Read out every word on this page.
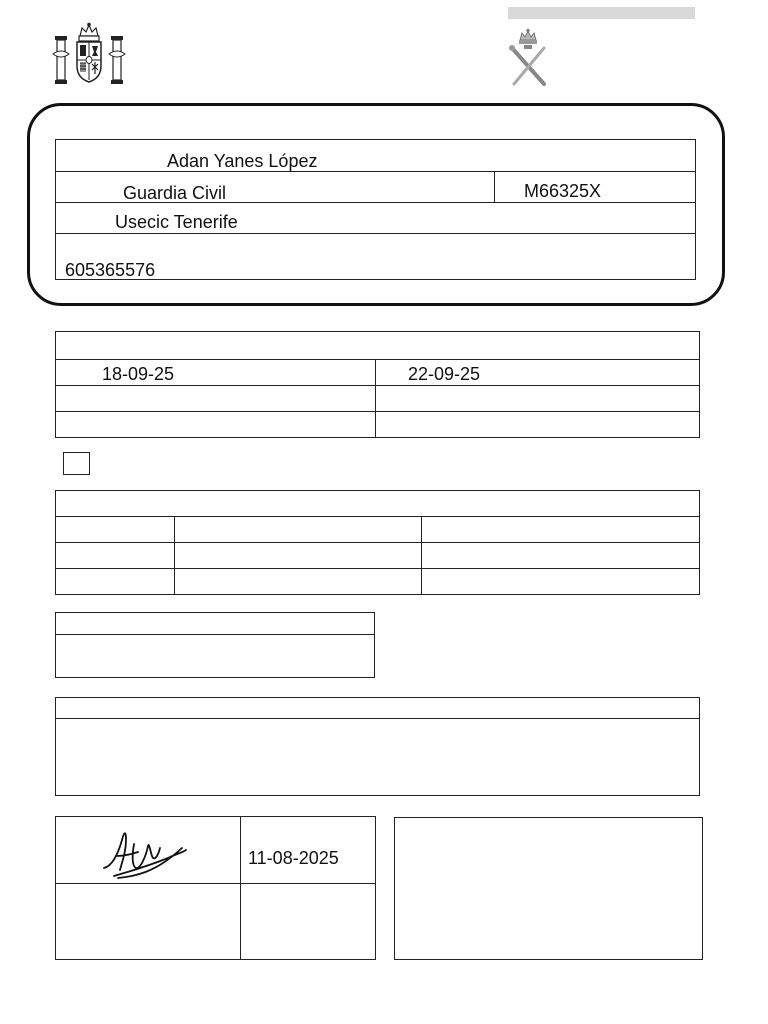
Adan Yanes López
Guardia Civil	M66325X
Usecic Tenerife
605365576
18-09-25	22-09-25
11-08-2025
